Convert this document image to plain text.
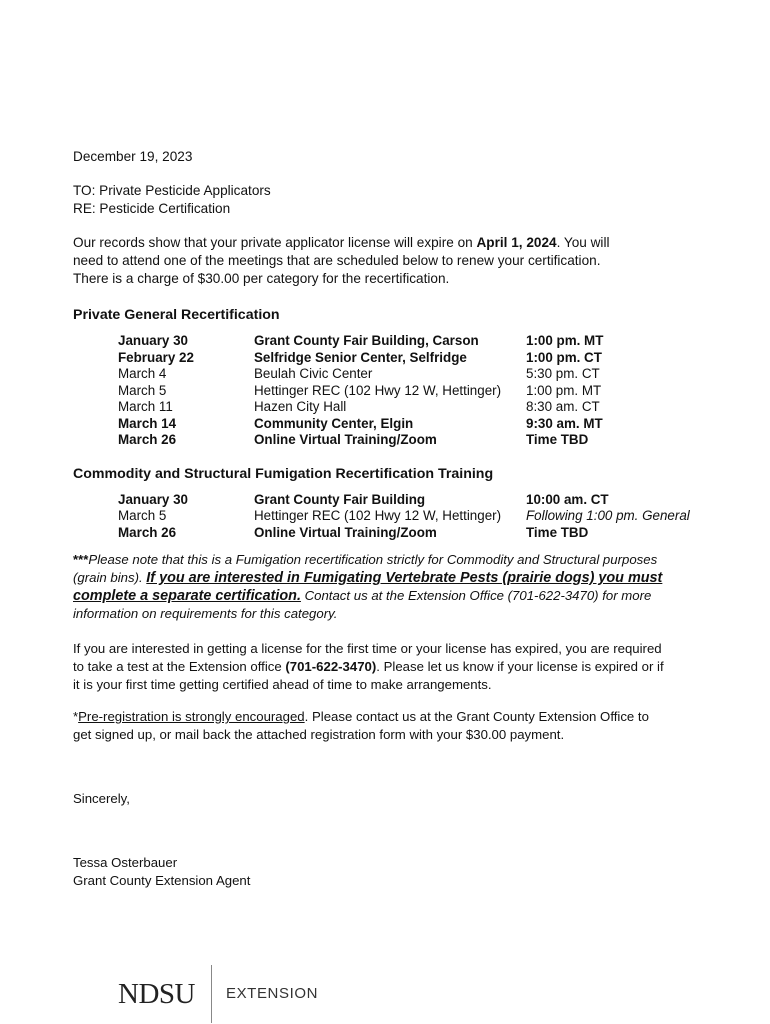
December 19, 2023
TO: Private Pesticide Applicators
RE: Pesticide Certification

Our records show that your private applicator license will expire on April 1, 2024. You will
need to attend one of the meetings that are scheduled below to renew your certification.
There is a charge of $30.00 per category for the recertification.

Private General Recertification
January 30	Grant County Fair Building, Carson	1:00 pm. MT
February 22	Selfridge Senior Center, Selfridge	1:00 pm. CT
March 4	Beulah Civic Center	5:30 pm. CT
March 5	Hettinger REC (102 Hwy 12 W, Hettinger)	1:00 pm. MT
March 11	Hazen City Hall	8:30 am. CT
March 14	Community Center, Elgin	9:30 am. MT
March 26	Online Virtual Training/Zoom	Time TBD
Commodity and Structural Fumigation Recertification Training
January 30	Grant County Fair Building	10:00 am. CT
March 5	Hettinger REC (102 Hwy 12 W, Hettinger)	Following 1:00 pm. General
March 26	Online Virtual Training/Zoom	Time TBD

***Please note that this is a Fumigation recertification strictly for Commodity and Structural purposes
(grain bins). If you are interested in Fumigating Vertebrate Pests (prairie dogs) you must
complete a separate certification. Contact us at the Extension Office (701-622-3470) for more
information on requirements for this category.

If you are interested in getting a license for the first time or your license has expired, you are required
to take a test at the Extension office (701-622-3470). Please let us know if your license is expired or if
it is your first time getting certified ahead of time to make arrangements.

*Pre-registration is strongly encouraged. Please contact us at the Grant County Extension Office to
get signed up, or mail back the attached registration form with your $30.00 payment.

Sincerely,
Tessa Osterbauer
Grant County Extension Agent
NDSU EXTENSION
